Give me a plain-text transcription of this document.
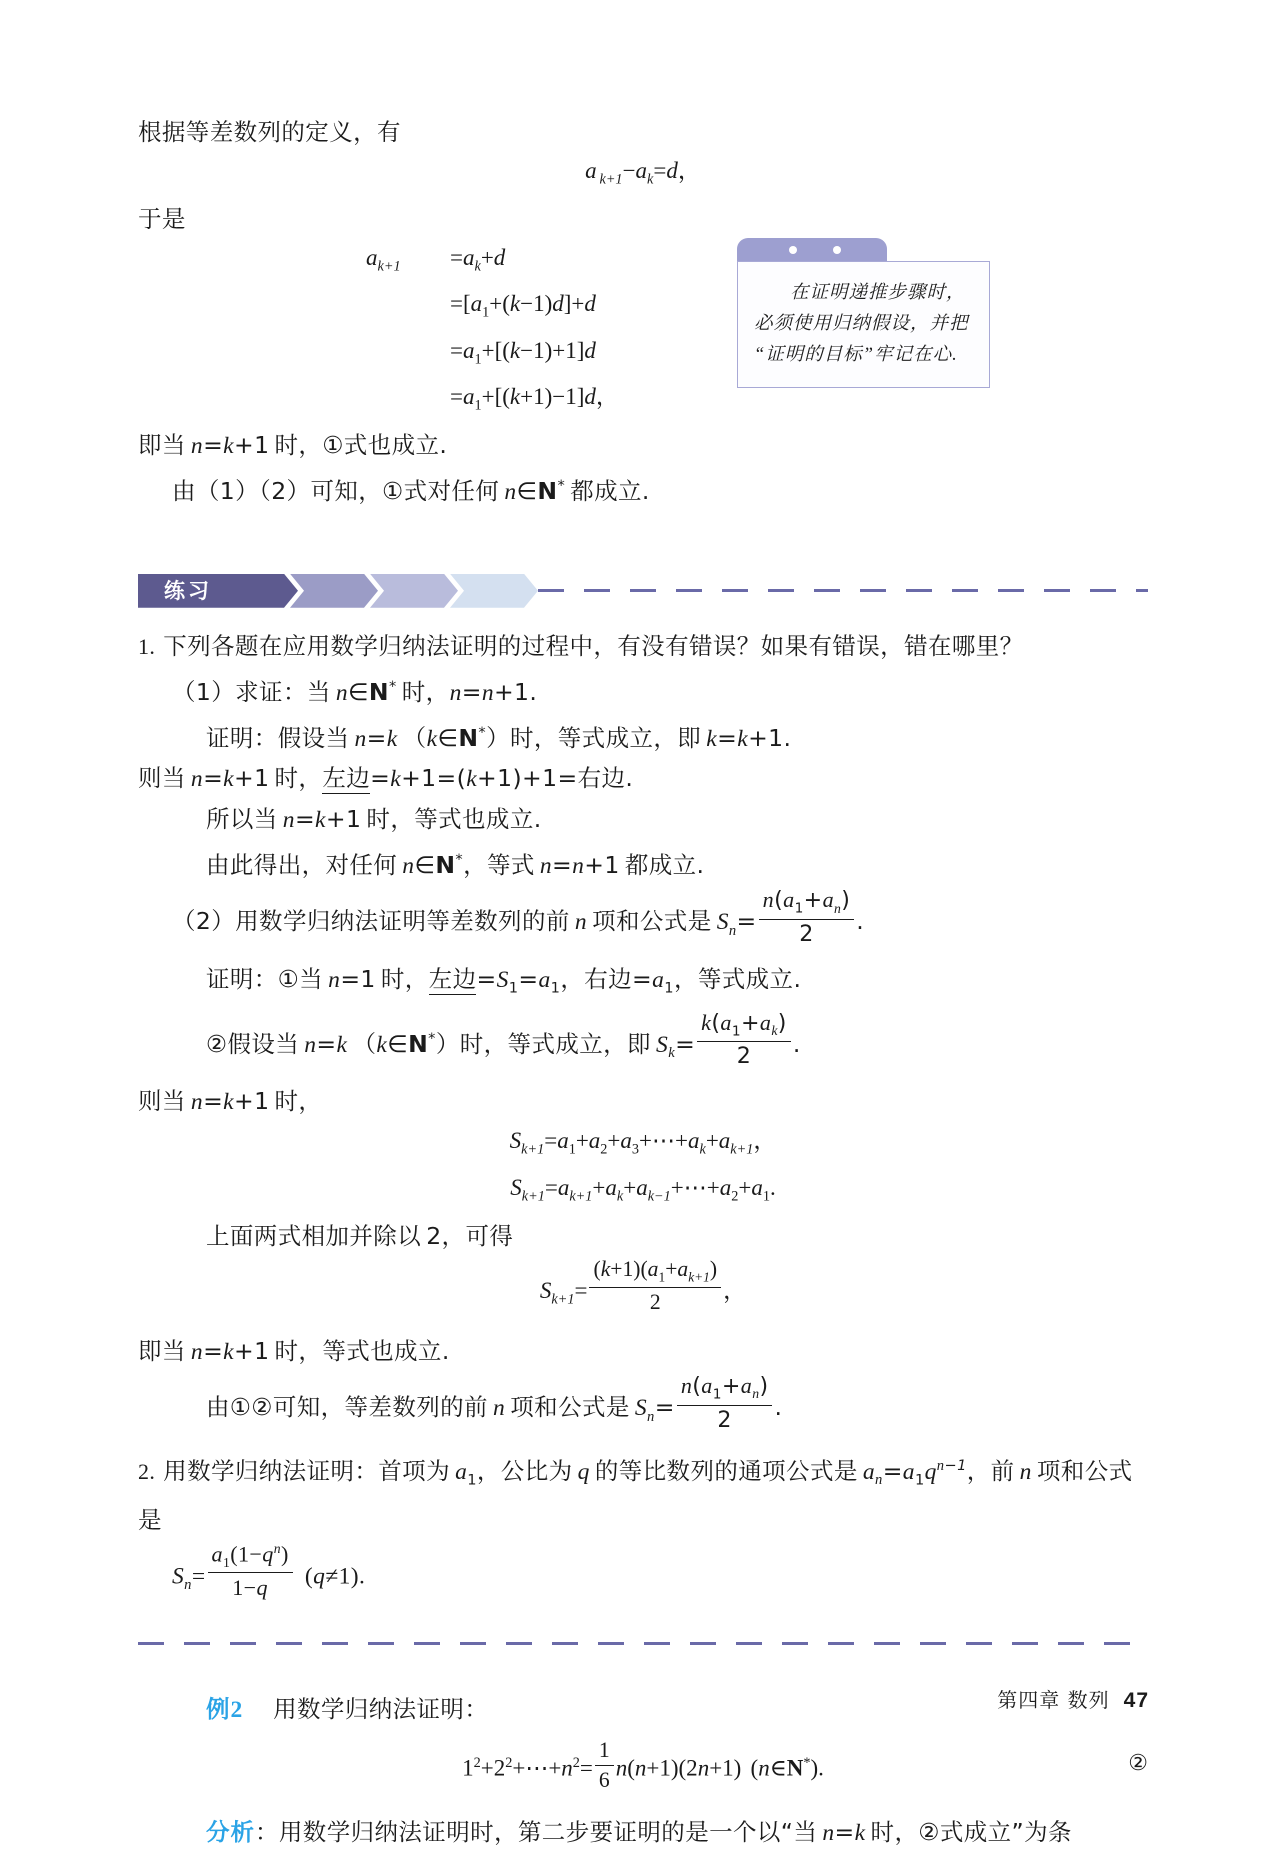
在证明递推步骤时，

必须使用归纳假设，并把

“证明的目标”牢记在心.

根据等差数列的定义，有
a  $_{k+1}-a_k=d$，
于是
$a_{k+1}$	$=a_k+d$
$=[a_1+(k-1)d]+d$
$=a_1+[(k-1)+1]d$
$=a_1+[(k+1)-1]d$，
即当 n=k+1 时，①式也成立.
由（1）（2）可知，①式对任何 n∈N* 都成立.
练习
1. 下列各题在应用数学归纳法证明的过程中，有没有错误？如果有错误，错在哪里？
（1）求证：当 n∈N* 时，n=n+1.
证明：假设当 n=k （k∈N*）时，等式成立，即 k=k+1.
则当 n=k+1 时，左边=k+1=(k+1)+1=右边.
所以当 n=k+1 时，等式也成立.
由此得出，对任何 n∈N*，等式 n=n+1 都成立.
（2）用数学归纳法证明等差数列的前 n 项和公式是 $S_n= \frac{n(a_1+a_n)}{2}$ .
证明：①当 n=1 时，左边$=S_1=a_1$，右边$=a_1$，等式成立.
②假设当 n=k （k∈N*）时，等式成立，即 $S_k= \frac{k(a_1+a_k)}{2}$ .
则当 n=k+1 时，
$S_{k+1}=a_1+a_2+a_3+\cdots+a_k+a_{k+1}$，
$S_{k+1}=a_{k+1}+a_k+a_{k-1}+\cdots+a_2+a_1$.
上面两式相加并除以 2，可得
$S_{k+1}= \frac{(k+1)(a_1+a_{k+1})}{2}$ ，
即当 n=k+1 时，等式也成立.
由①②可知，等差数列的前 n 项和公式是 $S_n= \frac{n(a_1+a_n)}{2}$ .
2. 用数学归纳法证明：首项为 $a_1$，公比为 q 的等比数列的通项公式是 $a_n=a_1q^{n-1}$，前 n 项和公式是
$S_n= \frac{a_1(1-q^n)}{1-q} (q\ne 1)$.
例2 用数学归纳法证明：
$1^2+2^2+\cdots+n^2= \frac{1}{6} n(n+1)(2n+1)$  (n∈N*).	②
分析：用数学归纳法证明时，第二步要证明的是一个以“当 n=k 时，②式成立”为条
第四章 数列 47
